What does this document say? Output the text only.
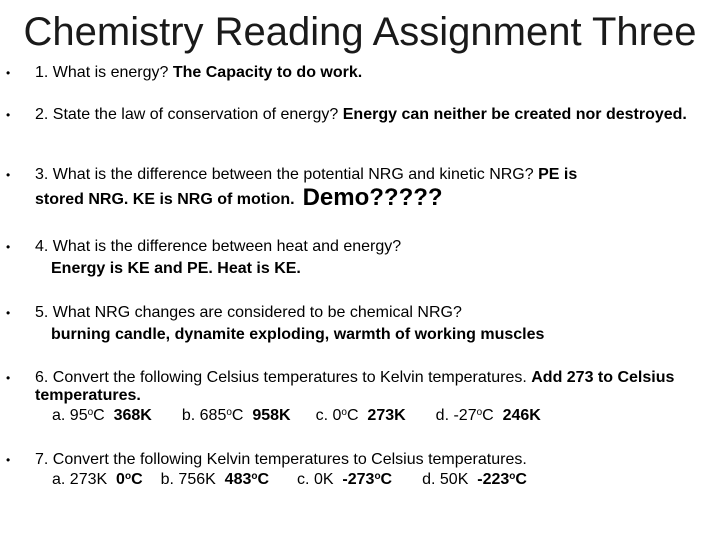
Chemistry Reading Assignment Three
• 1. What is energy? The Capacity to do work.
• 2. State the law of conservation of energy? Energy can neither be created nor destroyed.
• 3. What is the difference between the potential NRG and kinetic NRG? PE is

stored NRG. KE is NRG of motion. Demo?????
• 4. What is the difference between heat and energy?
Energy is KE and PE. Heat is KE.
• 5. What NRG changes are considered to be chemical NRG?
burning candle, dynamite exploding, warmth of working muscles
• 6. Convert the following Celsius temperatures to Kelvin temperatures. Add 273 to Celsius temperatures.
a. 95$^o$C 368K b. 685$^o$C 958K c. 0$^o$C 273K d. -27$^o$C 246K
• 7. Convert the following Kelvin temperatures to Celsius temperatures.
a. 273K 0$^o$C b. 756K 483$^o$C c. 0K -273$^o$C d. 50K -223$^o$C
